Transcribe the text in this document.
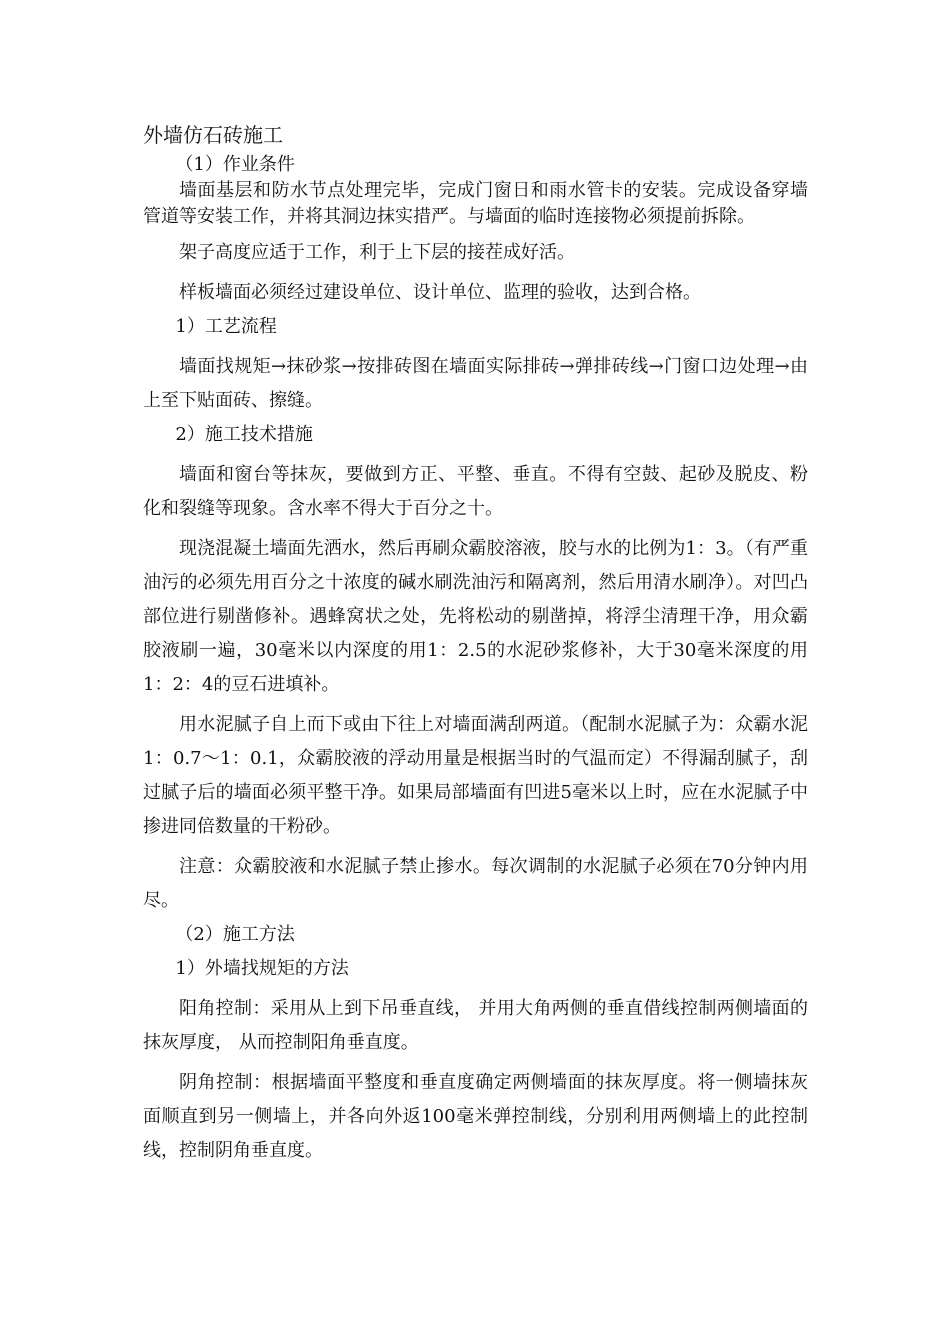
外墙仿石砖施工
（1）作业条件

墙面基层和防水节点处理完毕，完成门窗日和雨水管卡的安装。完成设备穿墙管道等安装工作，并将其洞边抹实措严。与墙面的临时连接物必须提前拆除。

架子高度应适于工作，利于上下层的接茬成好活。

样板墙面必须经过建设单位、设计单位、监理的验收，达到合格。

1）工艺流程

墙面找规矩→抹砂浆→按排砖图在墙面实际排砖→弹排砖线→门窗口边处理→由上至下贴面砖、擦缝。

2）施工技术措施

墙面和窗台等抹灰，要做到方正、平整、垂直。不得有空鼓、起砂及脱皮、粉化和裂缝等现象。含水率不得大于百分之十。

现浇混凝土墙面先洒水，然后再刷众霸胶溶液，胶与水的比例为1：3。（有严重油污的必须先用百分之十浓度的碱水刷洗油污和隔离剂，然后用清水刷净）。对凹凸部位进行剔凿修补。遇蜂窝状之处，先将松动的剔凿掉，将浮尘清理干净，用众霸胶液刷一遍，30毫米以内深度的用1：2.5的水泥砂浆修补，大于30毫米深度的用1：2：4的豆石进填补。

用水泥腻子自上而下或由下往上对墙面满刮两道。（配制水泥腻子为：众霸水泥1：0.7～1：0.1，众霸胶液的浮动用量是根据当时的气温而定）不得漏刮腻子，刮过腻子后的墙面必须平整干净。如果局部墙面有凹进5毫米以上时，应在水泥腻子中掺进同倍数量的干粉砂。

注意：众霸胶液和水泥腻子禁止掺水。每次调制的水泥腻子必须在70分钟内用尽。

（2）施工方法
1）外墙找规矩的方法

阳角控制：采用从上到下吊垂直线， 并用大角两侧的垂直借线控制两侧墙面的抹灰厚度， 从而控制阳角垂直度。

阴角控制：根据墙面平整度和垂直度确定两侧墙面的抹灰厚度。将一侧墙抹灰面顺直到另一侧墙上，并各向外返100毫米弹控制线，分别利用两侧墙上的此控制线，控制阴角垂直度。
